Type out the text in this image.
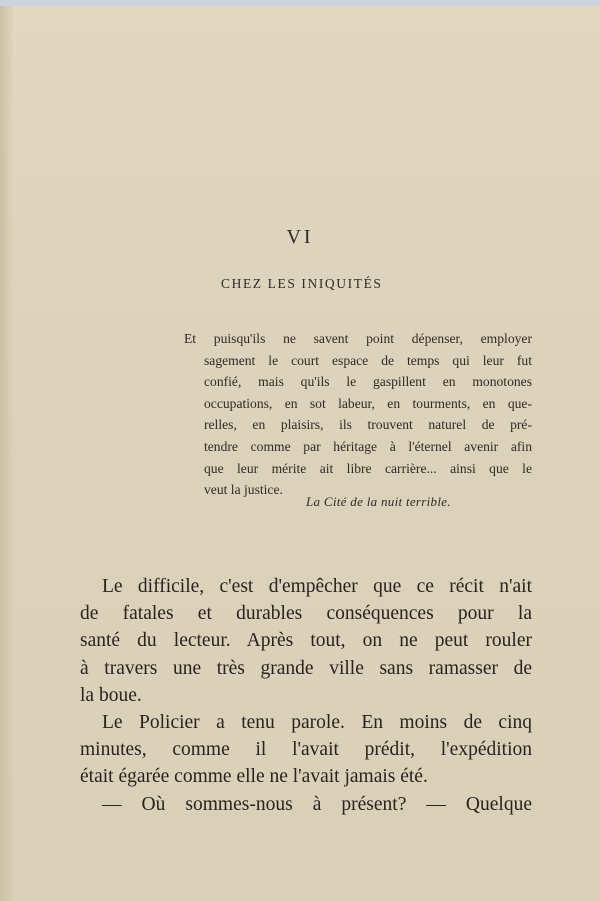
VI
CHEZ LES INIQUITÉS
Et puisqu'ils ne savent point dépenser, employer
sagement le court espace de temps qui leur fut
confié, mais qu'ils le gaspillent en monotones
occupations, en sot labeur, en tourments, en que-
relles, en plaisirs, ils trouvent naturel de pré-
tendre comme par héritage à l'éternel avenir afin
que leur mérite ait libre carrière... ainsi que le
veut la justice.
La Cité de la nuit terrible.
Le difficile, c'est d'empêcher que ce récit n'ait
de fatales et durables conséquences pour la
santé du lecteur. Après tout, on ne peut rouler
à travers une très grande ville sans ramasser de
la boue.
Le Policier a tenu parole. En moins de cinq
minutes, comme il l'avait prédit, l'expédition
était égarée comme elle ne l'avait jamais été.
— Où sommes-nous à présent? — Quelque
